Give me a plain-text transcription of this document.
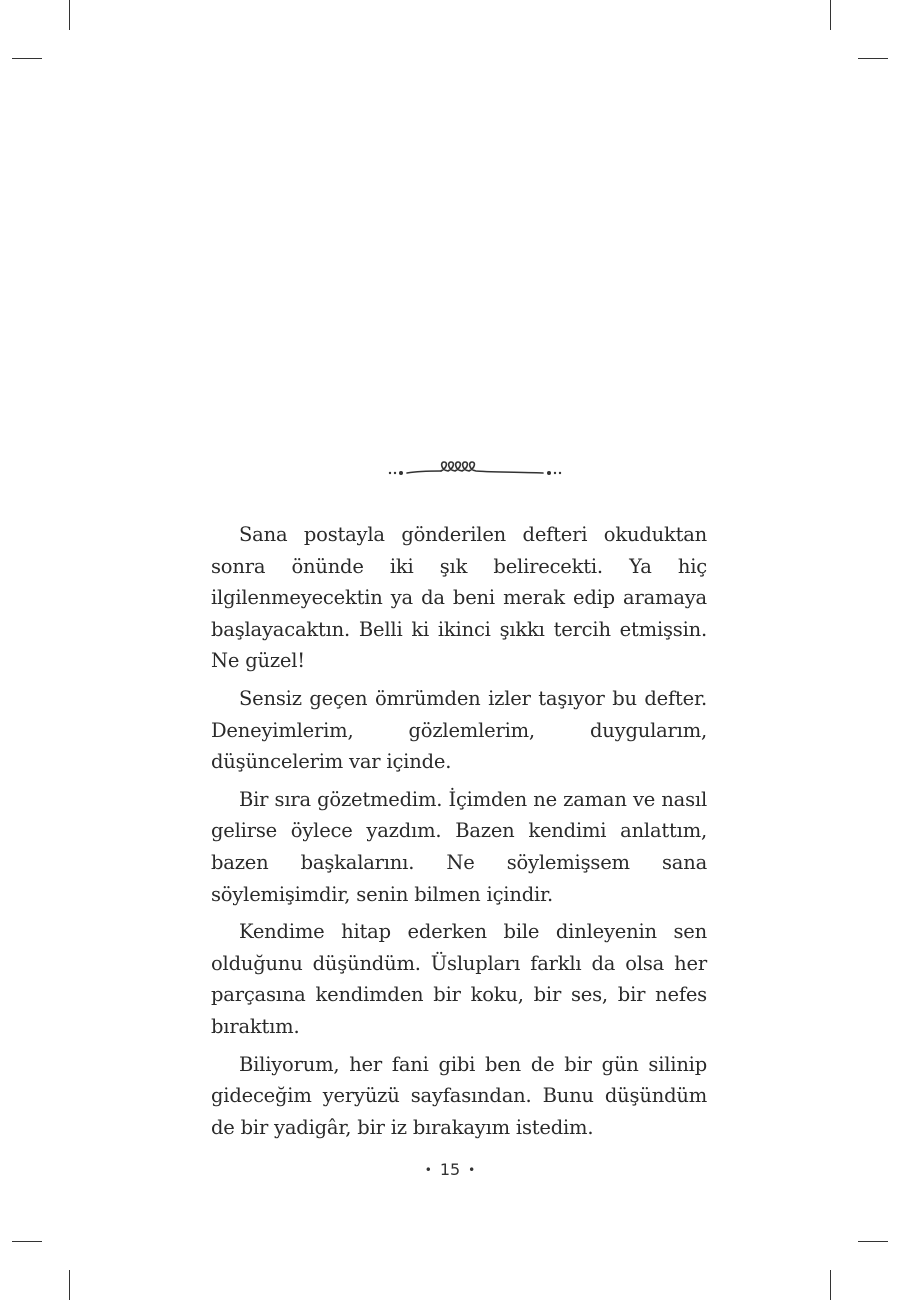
Sana postayla gönderilen defteri okuduktan sonra önünde iki şık belirecekti. Ya hiç ilgilenmeyecektin ya da beni merak edip aramaya başlayacaktın. Belli ki ikinci şıkkı tercih etmişsin. Ne güzel!

Sensiz geçen ömrümden izler taşıyor bu defter. Deneyimlerim, gözlemlerim, duygularım, düşüncelerim var içinde.

Bir sıra gözetmedim. İçimden ne zaman ve nasıl gelirse öylece yazdım. Bazen kendimi anlattım, bazen başkalarını. Ne söylemişsem sana söylemişimdir, senin bilmen içindir.

Kendime hitap ederken bile dinleyenin sen olduğunu düşündüm. Üslupları farklı da olsa her parçasına kendimden bir koku, bir ses, bir nefes bıraktım.

Biliyorum, her fani gibi ben de bir gün silinip gideceğim yeryüzü sayfasından. Bunu düşündüm de bir yadigâr, bir iz bırakayım istedim.

• 15 •
